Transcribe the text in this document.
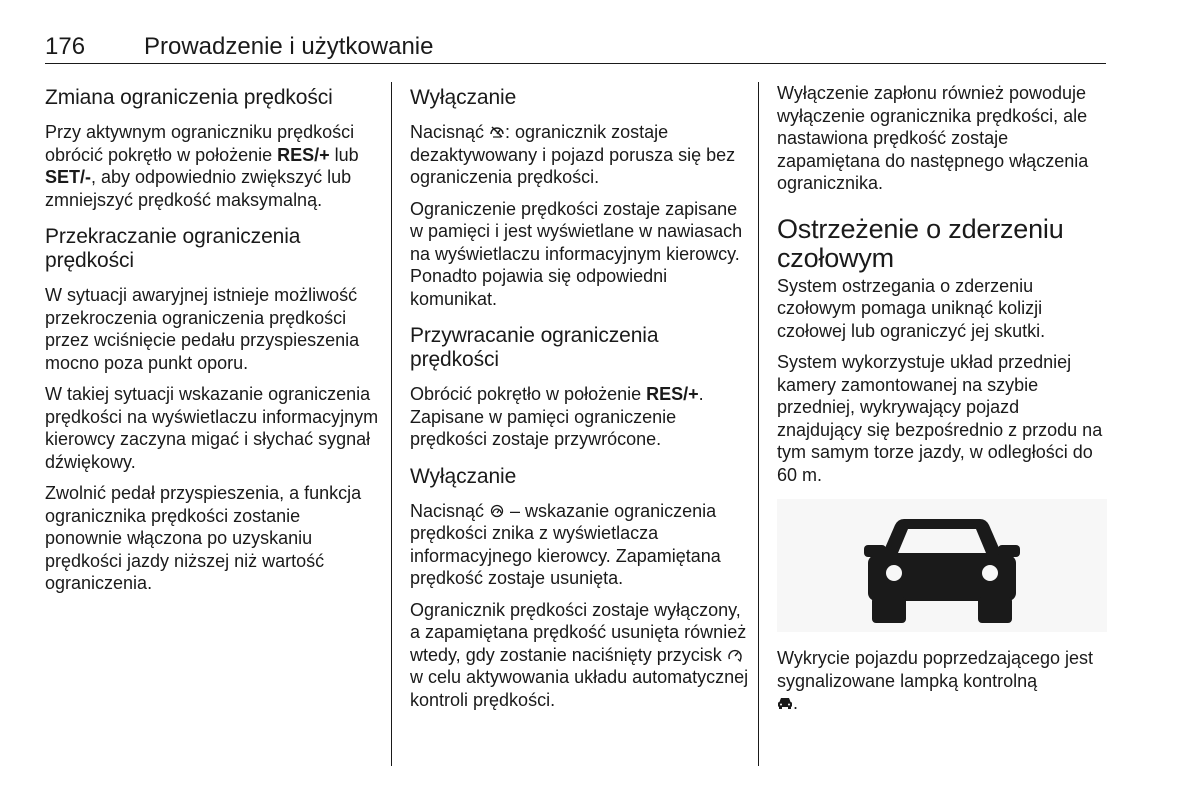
176 Prowadzenie i użytkowanie
Zmiana ograniczenia prędkości

Przy aktywnym ograniczniku prędkości obrócić pokrętło w położenie RES/+ lub SET/-, aby odpowiednio zwiększyć lub zmniejszyć prędkość maksymalną.

Przekraczanie ograniczenia prędkości

W sytuacji awaryjnej istnieje możliwość przekroczenia ograniczenia prędkości przez wciśnięcie pedału przyspieszenia mocno poza punkt oporu.

W takiej sytuacji wskazanie ograniczenia prędkości na wyświetlaczu informacyjnym kierowcy zaczyna migać i słychać sygnał dźwiękowy.

Zwolnić pedał przyspieszenia, a funkcja ogranicznika prędkości zostanie ponownie włączona po uzyskaniu prędkości jazdy niższej niż wartość ograniczenia.

Wyłączanie

Nacisnąć : ogranicznik zostaje dezaktywowany i pojazd porusza się bez ograniczenia prędkości.

Ograniczenie prędkości zostaje zapisane w pamięci i jest wyświetlane w nawiasach na wyświetlaczu informacyjnym kierowcy. Ponadto pojawia się odpowiedni komunikat.

Przywracanie ograniczenia prędkości

Obrócić pokrętło w położenie RES/+. Zapisane w pamięci ograniczenie prędkości zostaje przywrócone.

Wyłączanie

Nacisnąć  – wskazanie ograniczenia prędkości znika z wyświetlacza informacyjnego kierowcy. Zapamiętana prędkość zostaje usunięta.

Ogranicznik prędkości zostaje wyłączony, a zapamiętana prędkość usunięta również wtedy, gdy zostanie naciśnięty przycisk  w celu aktywowania układu automatycznej kontroli prędkości.

Wyłączenie zapłonu również powoduje wyłączenie ogranicznika prędkości, ale nastawiona prędkość zostaje zapamiętana do następnego włączenia ogranicznika.

Ostrzeżenie o zderzeniu czołowym

System ostrzegania o zderzeniu czołowym pomaga uniknąć kolizji czołowej lub ograniczyć jej skutki.

System wykorzystuje układ przedniej kamery zamontowanej na szybie przedniej, wykrywający pojazd znajdujący się bezpośrednio z przodu na tym samym torze jazdy, w odległości do 60 m.

Wykrycie pojazdu poprzedzającego jest sygnalizowane lampką kontrolną
.
